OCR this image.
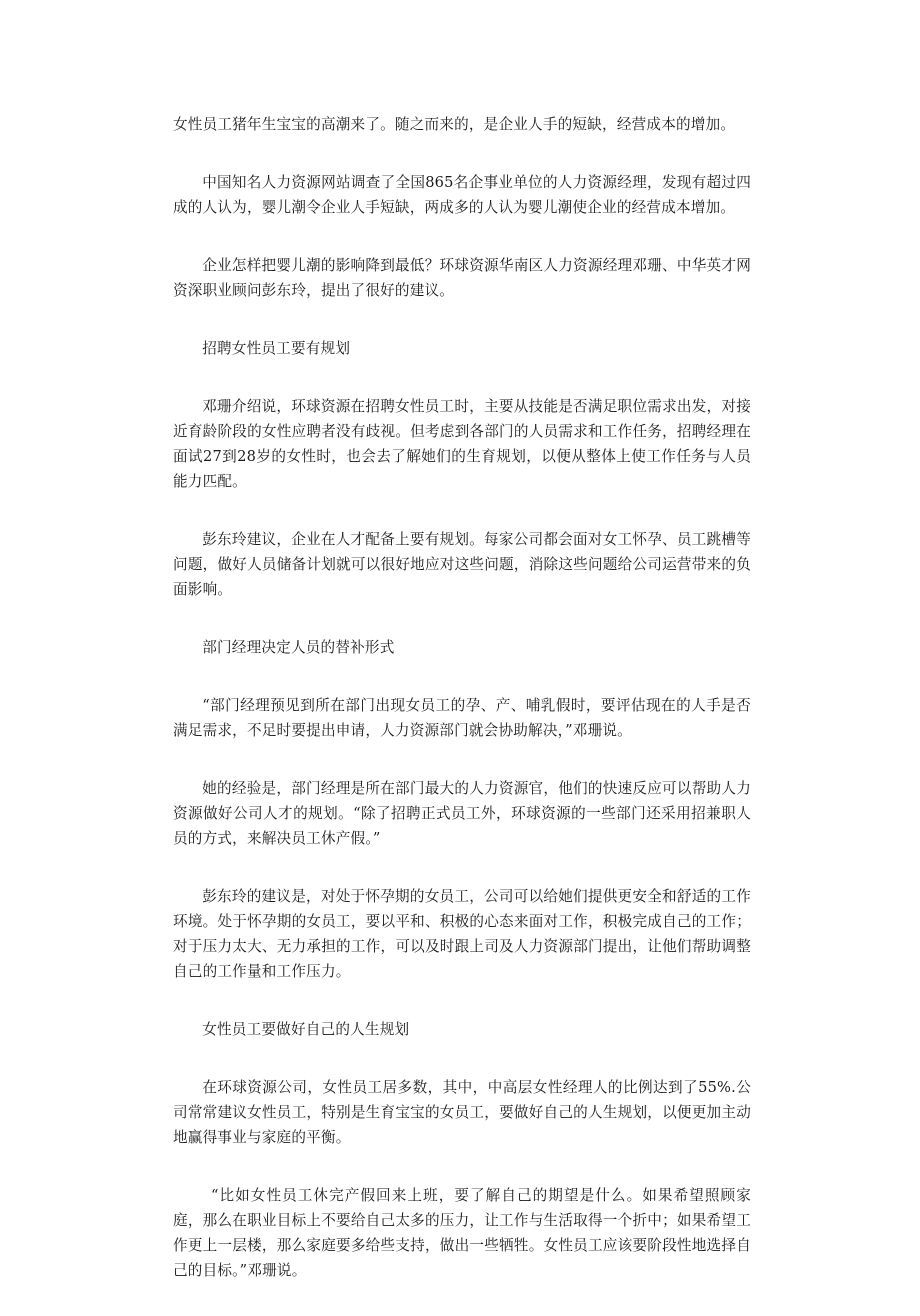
女性员工猪年生宝宝的高潮来了。随之而来的，是企业人手的短缺，经营成本的增加。

中国知名人力资源网站调查了全国865名企事业单位的人力资源经理，发现有超过四成的人认为，婴儿潮令企业人手短缺，两成多的人认为婴儿潮使企业的经营成本增加。

企业怎样把婴儿潮的影响降到最低？环球资源华南区人力资源经理邓珊、中华英才网资深职业顾问彭东玲，提出了很好的建议。

招聘女性员工要有规划

邓珊介绍说，环球资源在招聘女性员工时，主要从技能是否满足职位需求出发，对接近育龄阶段的女性应聘者没有歧视。但考虑到各部门的人员需求和工作任务，招聘经理在面试27到28岁的女性时，也会去了解她们的生育规划，以便从整体上使工作任务与人员能力匹配。

彭东玲建议，企业在人才配备上要有规划。每家公司都会面对女工怀孕、员工跳槽等问题，做好人员储备计划就可以很好地应对这些问题，消除这些问题给公司运营带来的负面影响。

部门经理决定人员的替补形式

“部门经理预见到所在部门出现女员工的孕、产、哺乳假时，要评估现在的人手是否满足需求，不足时要提出申请，人力资源部门就会协助解决，”邓珊说。

她的经验是，部门经理是所在部门最大的人力资源官，他们的快速反应可以帮助人力资源做好公司人才的规划。“除了招聘正式员工外，环球资源的一些部门还采用招兼职人员的方式，来解决员工休产假。”

彭东玲的建议是，对处于怀孕期的女员工，公司可以给她们提供更安全和舒适的工作环境。处于怀孕期的女员工，要以平和、积极的心态来面对工作，积极完成自己的工作；对于压力太大、无力承担的工作，可以及时跟上司及人力资源部门提出，让他们帮助调整自己的工作量和工作压力。

女性员工要做好自己的人生规划

在环球资源公司，女性员工居多数，其中，中高层女性经理人的比例达到了55%.公司常常建议女性员工，特别是生育宝宝的女员工，要做好自己的人生规划，以便更加主动地赢得事业与家庭的平衡。

“比如女性员工休完产假回来上班，要了解自己的期望是什么。如果希望照顾家庭，那么在职业目标上不要给自己太多的压力，让工作与生活取得一个折中；如果希望工作更上一层楼，那么家庭要多给些支持，做出一些牺牲。女性员工应该要阶段性地选择自己的目标。”邓珊说。
